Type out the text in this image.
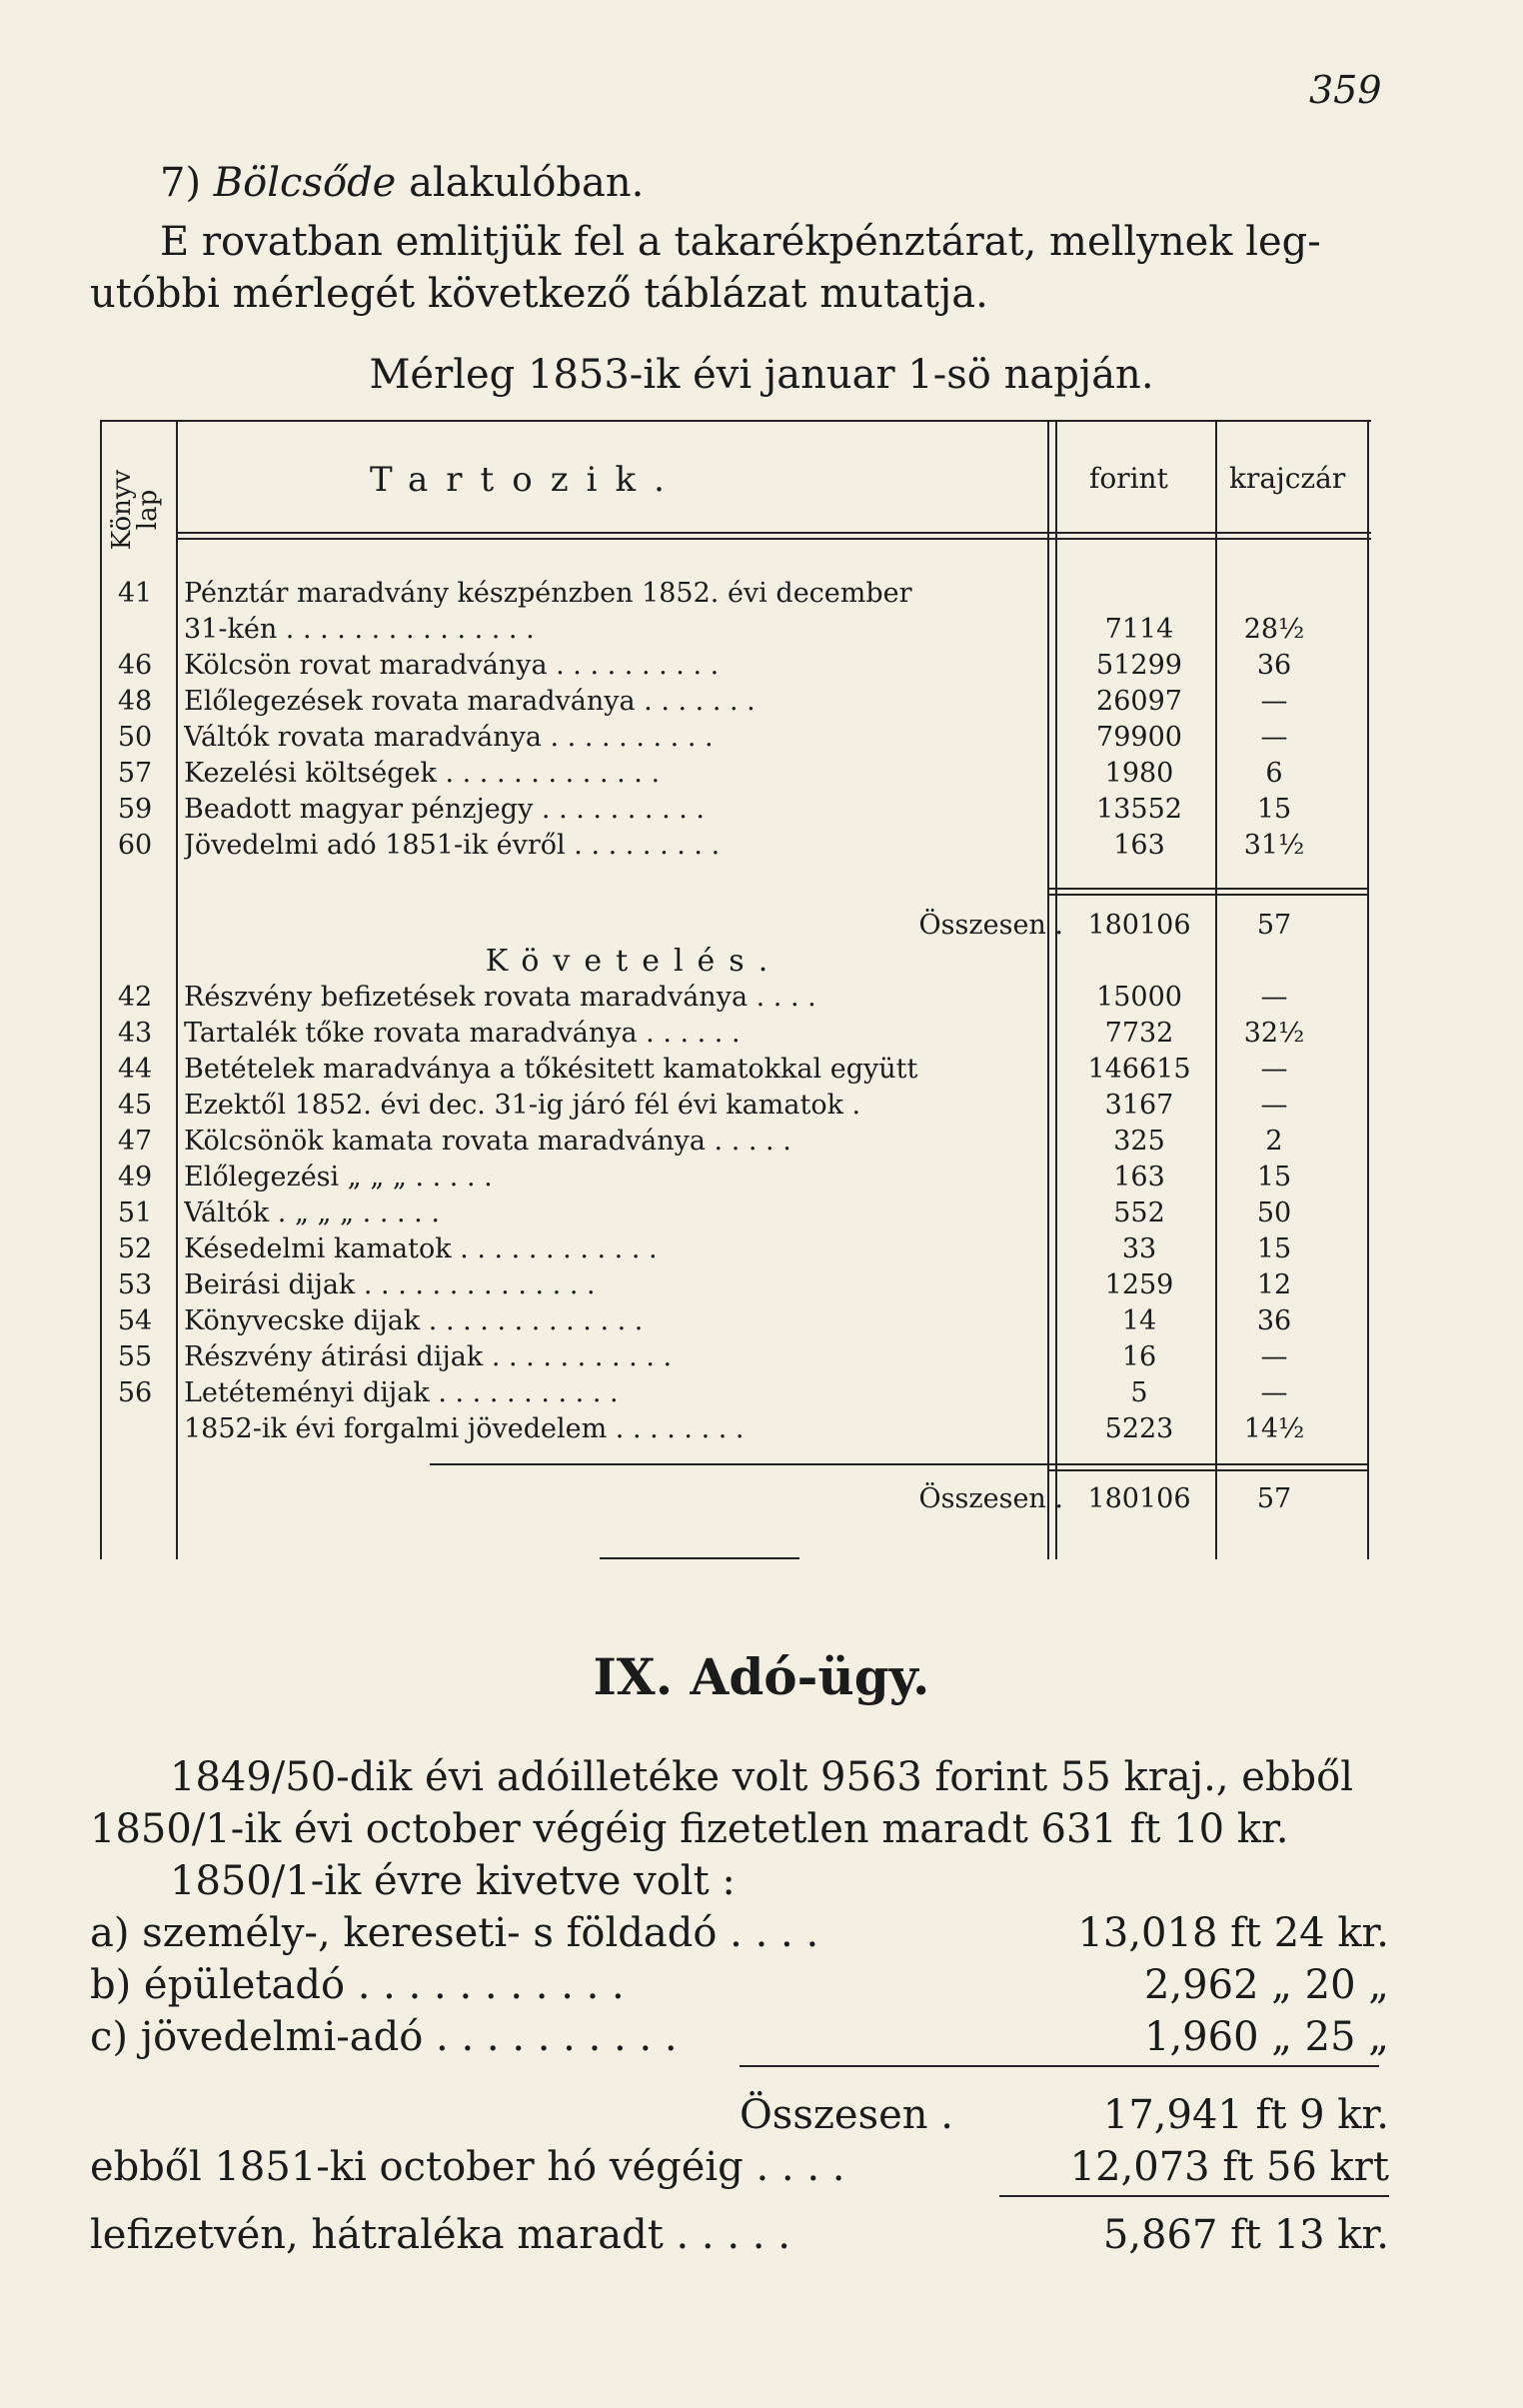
359
7) Bölcsőde alakulóban.
E rovatban emlitjük fel a takarékpénztárat, mellynek leg-utóbbi mérlegét következő táblázat mutatja.
Mérleg 1853-ik évi januar 1-sö napján.
Könyv lap
Tartozik.	forint krajczár
41	Pénztár maradvány készpénzben 1852. évi december
31-kén . . . . . . . . . . . . . . .	7114	28½
46	Kölcsön rovat maradványa . . . . . . . . . .	51299	36
48	Előlegezések rovata maradványa . . . . . . .	26097	—
50	Váltók rovata maradványa . . . . . . . . . .	79900	—
57	Kezelési költségek . . . . . . . . . . . . .	1980	6
59	Beadott magyar pénzjegy . . . . . . . . . .	13552	15
60	Jövedelmi adó 1851-ik évről . . . . . . . . .	163	31½
Összesen . 180106	57
Követelés.
42	Részvény befizetések rovata maradványa . . . .	15000	—
43	Tartalék tőke rovata maradványa . . . . . .	7732	32½
44	Betételek maradványa a tőkésitett kamatokkal együtt	146615	—
45	Ezektől 1852. évi dec. 31-ig járó fél évi kamatok .	3167	—
47	Kölcsönök kamata rovata maradványa . . . . .	325	2
49	Előlegezési „ „ „ . . . . .	163	15
51	Váltók . „ „ „ . . . . .	552	50
52	Késedelmi kamatok . . . . . . . . . . . .	33	15
53	Beirási dijak . . . . . . . . . . . . . .	1259	12
54	Könyvecske dijak . . . . . . . . . . . . .	14	36
55	Részvény átirási dijak . . . . . . . . . . .	16	—
56	Letéteményi dijak . . . . . . . . . . .	5	—
1852-ik évi forgalmi jövedelem . . . . . . . .	5223	14½
Összesen . 180106	57
IX. Adó-ügy.
1849/50-dik évi adóilletéke volt 9563 forint 55 kraj., ebből
1850/1-ik évi october végéig fizetetlen maradt 631 ft 10 kr.
1850/1-ik évre kivetve volt :
a) személy-, kereseti- s földadó . . . .	13,018 ft 24 kr.
b) épületadó . . . . . . . . . . .	2,962 „ 20 „
c) jövedelmi-adó . . . . . . . . . .	1,960 „ 25 „
Összesen .	17,941 ft 9 kr.
ebből 1851-ki october hó végéig . . . .	12,073 ft 56 krt
lefizetvén, hátraléka maradt . . . . .	5,867 ft 13 kr.
